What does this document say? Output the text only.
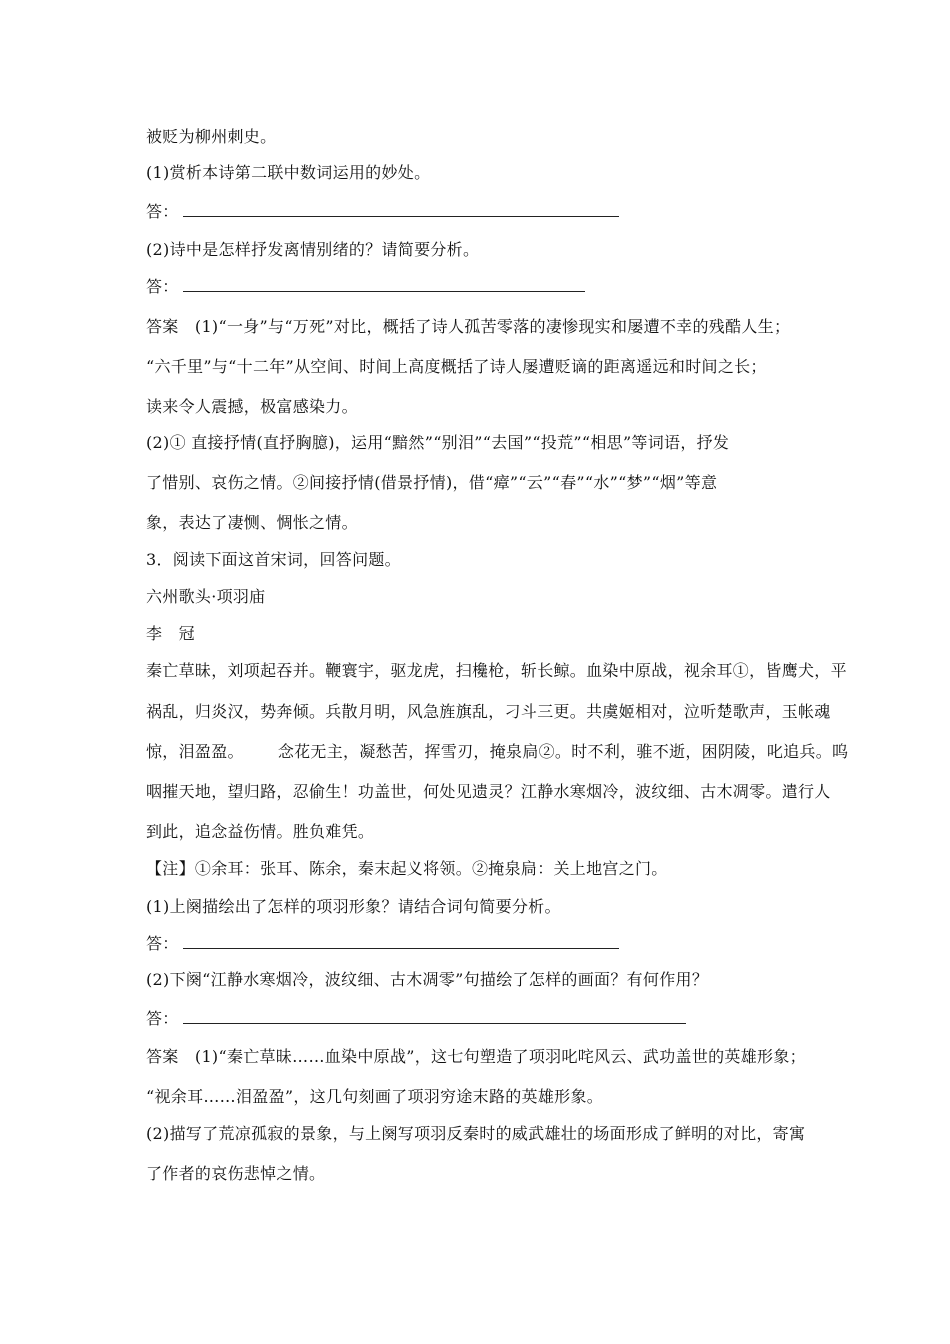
被贬为柳州刺史。
(1)赏析本诗第二联中数词运用的妙处。
答：
(2)诗中是怎样抒发离情别绪的？请简要分析。
答：
答案　(1)“一身”与“万死”对比，概括了诗人孤苦零落的凄惨现实和屡遭不幸的残酷人生；
“六千里”与“十二年”从空间、时间上高度概括了诗人屡遭贬谪的距离遥远和时间之长；
读来令人震撼，极富感染力。
(2)① 直接抒情(直抒胸臆)，运用“黯然”“别泪”“去国”“投荒”“相思”等词语，抒发
了惜别、哀伤之情。②间接抒情(借景抒情)，借“瘴”“云”“春”“水”“梦”“烟”等意
象，表达了凄恻、惆怅之情。
3．阅读下面这首宋词，回答问题。
六州歌头·项羽庙
李　冠
秦亡草昧，刘项起吞并。鞭寰宇，驱龙虎，扫欃枪，斩长鲸。血染中原战，视余耳①，皆鹰犬，平
祸乱，归炎汉，势奔倾。兵散月明，风急旌旗乱，刁斗三更。共虞姬相对，泣听楚歌声，玉帐魂
惊，泪盈盈。 念花无主，凝愁苦，挥雪刃，掩泉扃②。时不利，骓不逝，困阴陵，叱追兵。呜
咽摧天地，望归路，忍偷生！功盖世，何处见遗灵？江静水寒烟冷，波纹细、古木凋零。遣行人
到此，追念益伤情。胜负难凭。
【注】①余耳：张耳、陈余，秦末起义将领。②掩泉扃：关上地宫之门。
(1)上阕描绘出了怎样的项羽形象？请结合词句简要分析。
答：
(2)下阕“江静水寒烟冷，波纹细、古木凋零”句描绘了怎样的画面？有何作用？
答：
答案　(1)“秦亡草昧……血染中原战”，这七句塑造了项羽叱咤风云、武功盖世的英雄形象；
“视余耳……泪盈盈”，这几句刻画了项羽穷途末路的英雄形象。
(2)描写了荒凉孤寂的景象，与上阕写项羽反秦时的威武雄壮的场面形成了鲜明的对比，寄寓
了作者的哀伤悲悼之情。
